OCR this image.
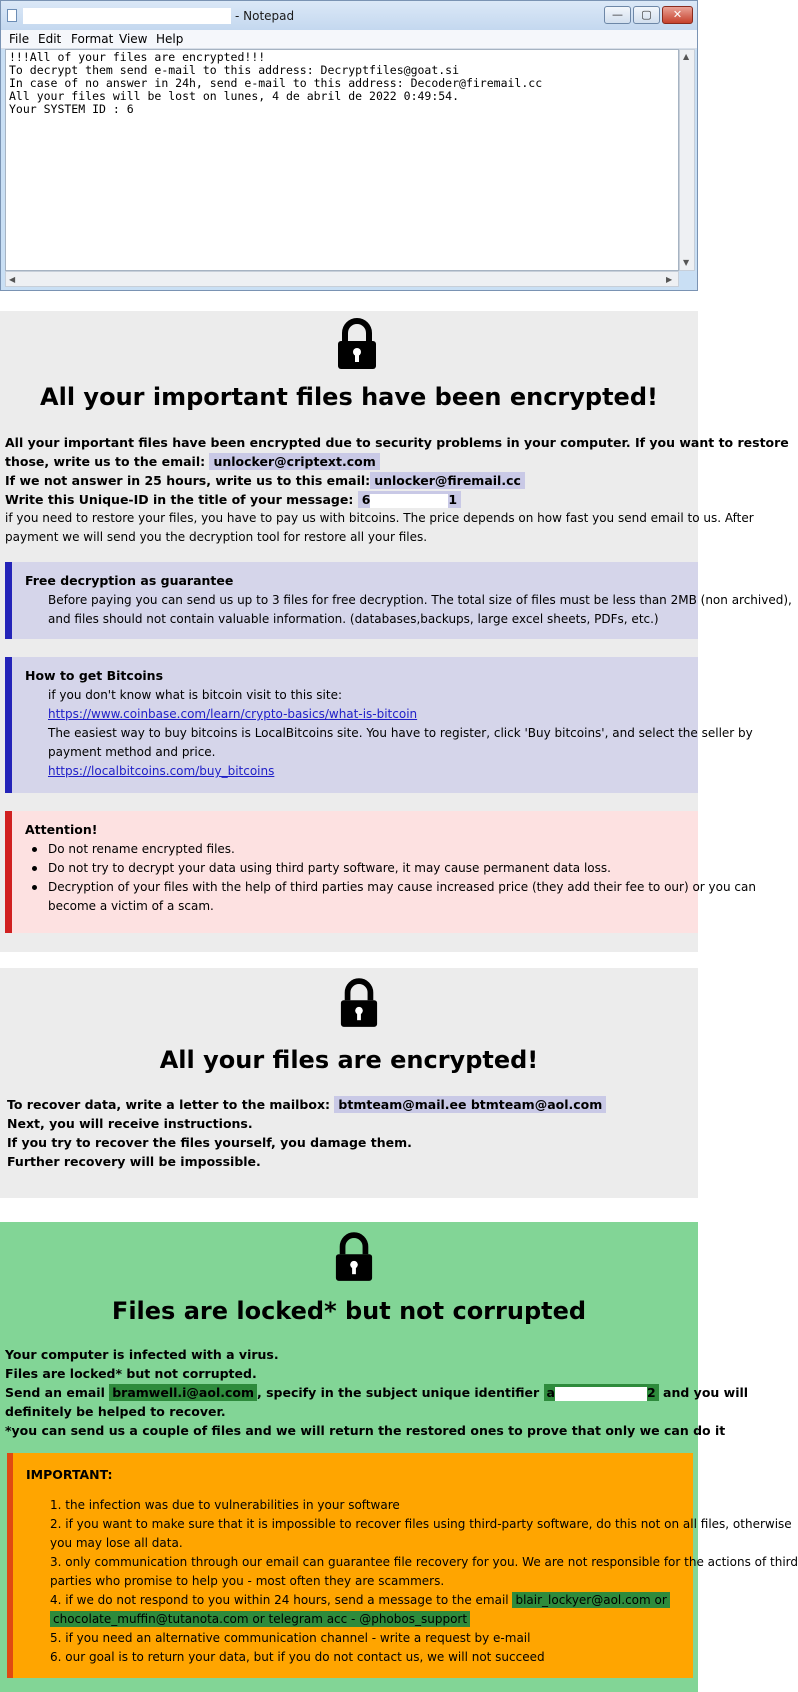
- Notepad	—	▢	✕
File Edit Format View Help
!!!All of your files are encrypted!!!
To decrypt them send e-mail to this address: Decryptfiles@goat.si
In case of no answer in 24h, send e-mail to this address: Decoder@firemail.cc
All your files will be lost on lunes, 4 de abril de 2022 0:49:54.
Your SYSTEM ID : 6
▲
▼
◀	▶
All your important files have been encrypted!
All your important files have been encrypted due to security problems in your computer. If you want to restore
those, write us to the email: unlocker@criptext.com
If we not answer in 25 hours, write us to this email: unlocker@firemail.cc
Write this Unique-ID in the title of your message: 6	1
if you need to restore your files, you have to pay us with bitcoins. The price depends on how fast you send email to us. After
payment we will send you the decryption tool for restore all your files.
Free decryption as guarantee
Before paying you can send us up to 3 files for free decryption. The total size of files must be less than 2MB (non archived),
and files should not contain valuable information. (databases,backups, large excel sheets, PDFs, etc.)
How to get Bitcoins
if you don't know what is bitcoin visit to this site:
https://www.coinbase.com/learn/crypto-basics/what-is-bitcoin
The easiest way to buy bitcoins is LocalBitcoins site. You have to register, click 'Buy bitcoins', and select the seller by
payment method and price.
https://localbitcoins.com/buy_bitcoins
Attention!
Do not rename encrypted files.
Do not try to decrypt your data using third party software, it may cause permanent data loss.
Decryption of your files with the help of third parties may cause increased price (they add their fee to our) or you can
become a victim of a scam.
All your files are encrypted!
To recover data, write a letter to the mailbox: btmteam@mail.ee btmteam@aol.com
Next, you will receive instructions.
If you try to recover the files yourself, you damage them.
Further recovery will be impossible.
Files are locked* but not corrupted
Your computer is infected with a virus.
Files are locked* but not corrupted.
Send an email bramwell.i@aol.com , specify in the subject unique identifier a	2 and you will
definitely be helped to recover.
*you can send us a couple of files and we will return the restored ones to prove that only we can do it
IMPORTANT:
1. the infection was due to vulnerabilities in your software
2. if you want to make sure that it is impossible to recover files using third-party software, do this not on all files, otherwise
you may lose all data.
3. only communication through our email can guarantee file recovery for you. We are not responsible for the actions of third
parties who promise to help you - most often they are scammers.
4. if we do not respond to you within 24 hours, send a message to the email blair_lockyer@aol.com or
chocolate_muffin@tutanota.com or telegram acc - @phobos_support
5. if you need an alternative communication channel - write a request by e-mail
6. our goal is to return your data, but if you do not contact us, we will not succeed
